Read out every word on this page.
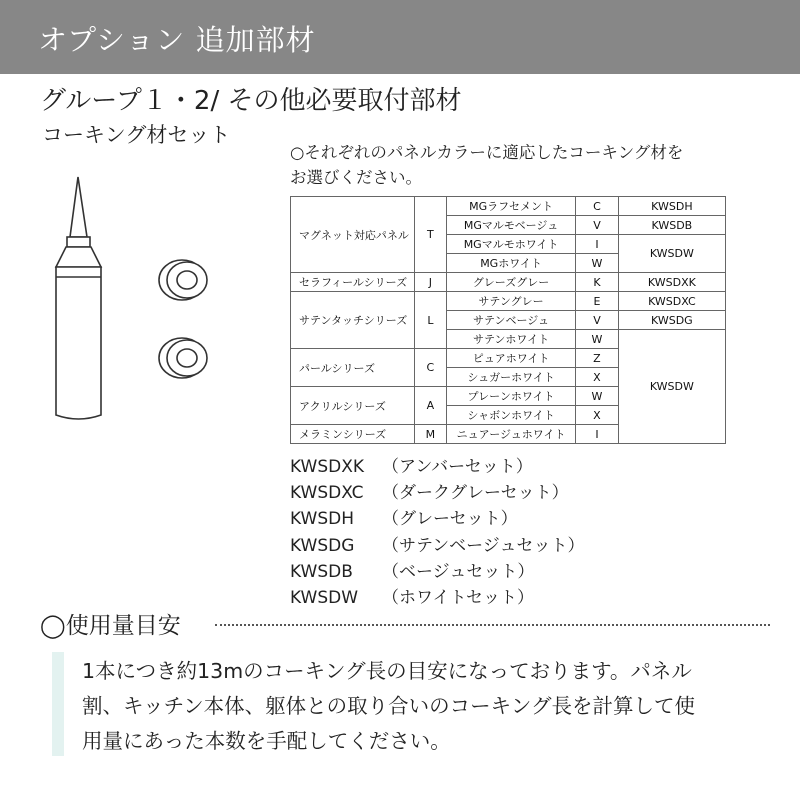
オプション 追加部材
グループ１・2/ その他必要取付部材
コーキング材セット
○それぞれのパネルカラーに適応したコーキング材を
お選びください。
マグネット対応パネル	T	MGラフセメント	C	KWSDH
		MGマルモベージュ	V	KWSDB
		MGマルモホワイト	I	KWSDW
		MGホワイト	W	
セラフィールシリーズ	J	グレーズグレー	K	KWSDXK
サテンタッチシリーズ	L	サテングレー	E	KWSDXC
		サテンベージュ	V	KWSDG
		サテンホワイト	W	KWSDW
パールシリーズ	C	ピュアホワイト	Z	
		シュガーホワイト	X	
アクリルシリーズ	A	プレーンホワイト	W	
		シャボンホワイト	X	
メラミンシリーズ	M	ニュアージュホワイト	I	
KWSDXK （アンバーセット）
KWSDXC （ダークグレーセット）
KWSDH （グレーセット）
KWSDG （サテンベージュセット）
KWSDB （ベージュセット）
KWSDW （ホワイトセット）
◯使用量目安
1本につき約13mのコーキング長の目安になっております。パネル
割、キッチン本体、躯体との取り合いのコーキング長を計算して使
用量にあった本数を手配してください。
